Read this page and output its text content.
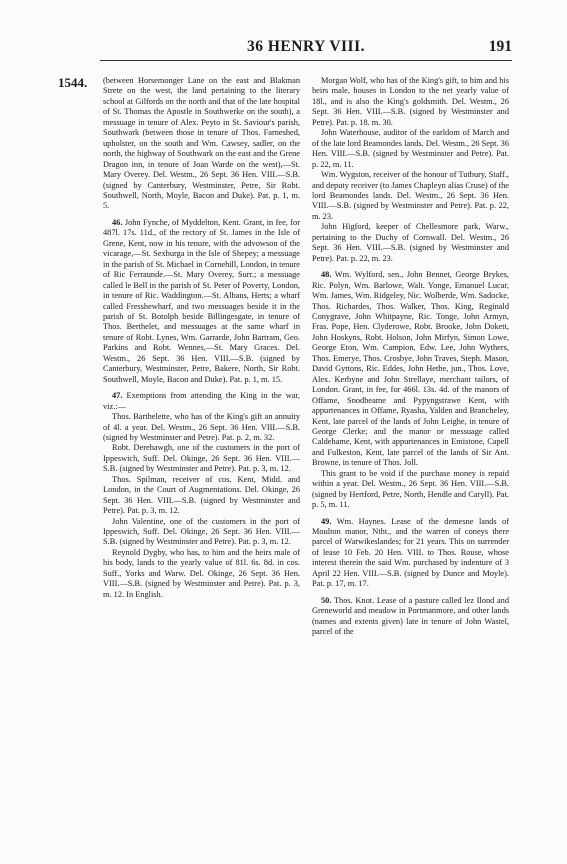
36 HENRY VIII.	191
1544. (between Horsemonger Lane on the east and Blakman Strete on the west, the land pertaining to the literary school at Gilfords on the north and that of the late hospital of St. Thomas the Apostle in Southwerke on the south), a messuage in tenure of Alex. Peyto in St. Saviour's parish, Southwark (between those in tenure of Thos. Farneshed, upholster, on the south and Wm. Cawsey, sadler, on the north, the highway of Southwark on the east and the Grene Dragon inn, in tenure of Joan Warde on the west),—St. Mary Overey. Del. Westm., 26 Sept. 36 Hen. VIII.—S.B. (signed by Canterbury, Westminster, Petre, Sir Robt. Southwell, North, Moyle, Bacon and Duke). Pat. p. 1, m. 5.

46. John Fynche, of Myddelton, Kent. Grant, in fee, for 487l. 17s. 11d., of the rectory of St. James in the Isle of Grene, Kent, now in his tenure, with the advowson of the vicarage,—St. Sexburga in the Isle of Shepey; a messuage in the parish of St. Michael in Cornehill, London, in tenure of Ric Ferraunde.—St. Mary Overey, Surr.; a messuage called le Bell in the parish of St. Peter of Poverty, London, in tenure of Ric. Waddington.—St. Albans, Herts; a wharf called Fresshewharf, and two messuages beside it in the parish of St. Botolph beside Billingesgate, in tenure of Thos. Berthelet, and messuages at the same wharf in tenure of Robt. Lynes, Wm. Garrarde, John Bartram, Geo. Parkins and Robt. Wennes,—St. Mary Graces. Del. Westm., 26 Sept. 36 Hen. VIII.—S.B. (signed by Canterbury, Westminster, Petre, Bakere, North, Sir Robt. Southwell, Moyle, Bacon and Duke). Pat. p. 1, m. 15.

47. Exemptions from attending the King in the war, viz.:—

Thos. Barthelette, who has of the King's gift an annuity of 4l. a year. Del. Westm., 26 Sept. 36 Hen. VIII.—S.B. (signed by Westminster and Petre). Pat. p. 2, m. 32.

Robt. Derehawgh, one of the customers in the port of Ippeswich, Suff. Del. Okinge, 26 Sept. 36 Hen. VIII.—S.B. (signed by Westminster and Petre). Pat. p. 3, m. 12.

Thos. Spilman, receiver of cos. Kent, Midd. and London, in the Court of Augmentations. Del. Okinge, 26 Sept. 36 Hen. VIII.—S.B. (signed by Westminster and Petre). Pat. p. 3, m. 12.

John Valentine, one of the customers in the port of Ippeswich, Suff. Del. Okinge, 26 Sept. 36 Hen. VIII.—S.B. (signed by Westminster and Petre). Pat. p. 3, m. 12.

Reynold Dygby, who has, to him and the heirs male of his body, lands to the yearly value of 81l. 6s. 8d. in cos. Suff., Yorks and Warw. Del. Okinge, 26 Sept. 36 Hen. VIII.—S.B. (signed by Westminster and Petre). Pat. p. 3, m. 12. In English.

Morgan Wolf, who has of the King's gift, to him and his heirs male, houses in London to the net yearly value of 18l., and is also the King's goldsmith. Del. Westm., 26 Sept. 36 Hen. VIII.—S.B. (signed by Westminster and Petre). Pat. p. 18. m. 30.

John Waterhouse, auditor of the earldom of March and of the late lord Beamondes lands. Del. Westm., 26 Sept. 36 Hen. VIII.—S.B. (signed by Westminster and Petre). Pat. p. 22, m. 11.

Wm. Wygston, receiver of the honour of Tutbury, Staff., and deputy receiver (to James Chapleyn alias Cruse) of the lord Beamondes lands. Del. Westm., 26 Sept. 36 Hen. VIII.—S.B. (signed by Westminster and Petre). Pat. p. 22, m. 23.

John Higford, keeper of Chellesmore park, Warw., pertaining to the Duchy of Cornwall. Del. Westm., 26 Sept. 36 Hen. VIII.—S.B. (signed by Westminster and Petre). Pat. p. 22, m. 23.

48. Wm. Wylford, sen., John Bennet, George Brykes, Ric. Polyn, Wm. Barlowe, Walt. Yonge, Emanuel Lucar, Wm. James, Wm. Ridgeley, Nic. Wolberde, Wm. Sadocke, Thos. Richardes, Thos. Walker, Thos. King, Reginald Conygrave, John Whitpayne, Ric. Tonge, John Armyn, Fras. Pope, Hen. Clyderowe, Robt. Brooke, John Dokett, John Hoskyns, Robt. Holson, John Mirfyn, Simon Lowe, George Eton, Wm. Campion, Edw. Lee, John Wythers, Thos. Emerye, Thos. Crosbye, John Traves, Steph. Mason, David Gyttons, Ric. Eddes, John Hethe, jun., Thos. Love, Alex. Kerbyne and John Strellaye, merchant tailors, of London. Grant, in fee, for 466l. 13s. 4d. of the manors of Offame, Snodbeame and Pypyngstrawe Kent, with appurtenances in Offame, Ryasha, Yalden and Brancheley, Kent, late parcel of the lands of John Leighe, in tenure of George Clerke; and the manor or messuage called Caldehame, Kent, with appurtenances in Emistone, Capell and Fulkeston, Kent, late parcel of the lands of Sir Ant. Browne, in tenure of Thos. Joll.

This grant to be void if the purchase money is repaid within a year. Del. Westm., 26 Sept. 36 Hen. VIII.—S.B. (signed by Hertford, Petre, North, Hendle and Caryll). Pat. p. 5, m. 11.

49. Wm. Haynes. Lease of the demesne lands of Moulton manor, Ntht., and the warren of coneys there parcel of Warwikeslandes; for 21 years. This on surrender of lease 10 Feb. 20 Hen. VIII. to Thos. Rouse, whose interest therein the said Wm. purchased by indenture of 3 April 22 Hen. VIII.—S.B. (signed by Dunce and Moyle). Pat. p. 17, m. 17.

50. Thos. Knot. Lease of a pasture called lez Ilond and Greneworld and meadow in Portmanmore, and other lands (names and extents given) late in tenure of John Wastel, parcel of the
